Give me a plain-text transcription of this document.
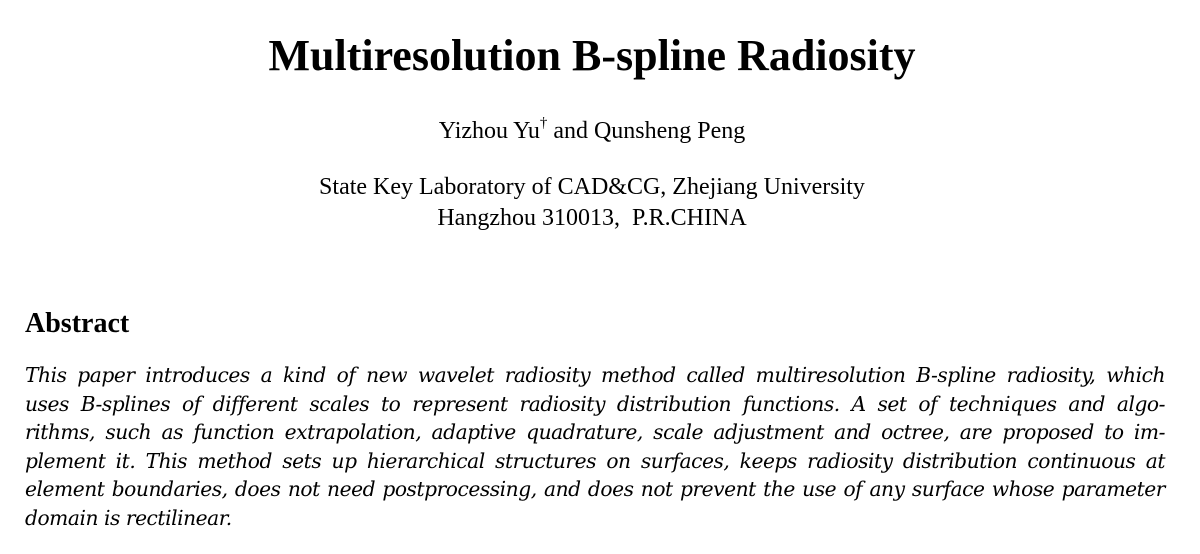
Multiresolution B-spline Radiosity

Yizhou Yu† and Qunsheng Peng

State Key Laboratory of CAD&CG, Zhejiang University
Hangzhou 310013,  P.R.CHINA
Abstract
This paper introduces a kind of new wavelet radiosity method called multiresolution B-spline radiosity, which
uses B-splines of different scales to represent radiosity distribution functions. A set of techniques and algo-
rithms, such as function extrapolation, adaptive quadrature, scale adjustment and octree, are proposed to im-
plement it. This method sets up hierarchical structures on surfaces, keeps radiosity distribution continuous at
element boundaries, does not need postprocessing, and does not prevent the use of any surface whose parameter
domain is rectilinear.
